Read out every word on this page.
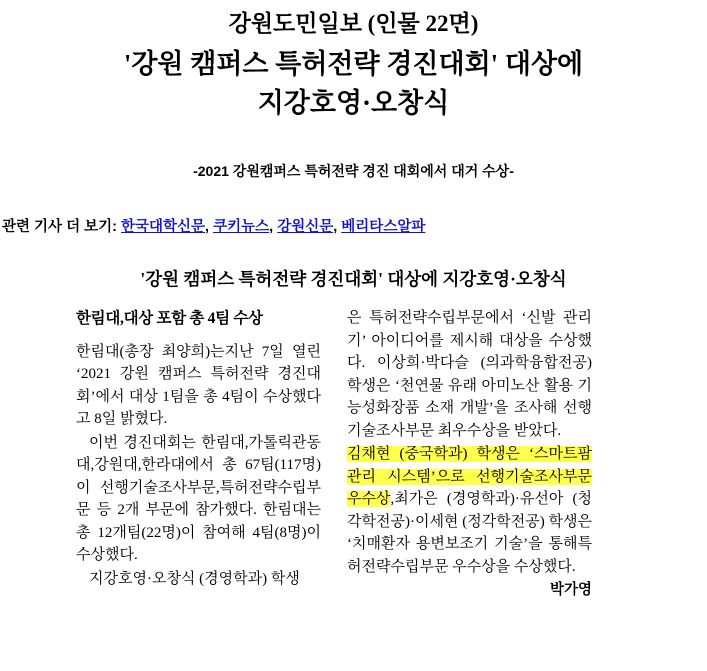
강원도민일보 (인물 22면)
'강원 캠퍼스 특허전략 경진대회' 대상에
지강호영·오창식
-2021 강원캠퍼스 특허전략 경진 대회에서 대거 수상-
관련 기사 더 보기: 한국대학신문, 쿠키뉴스, 강원신문, 베리타스알파
'강원 캠퍼스 특허전략 경진대회' 대상에 지강호영·오창식
한림대,대상 포함 총 4팀 수상

한림대(총장 최양희)는지난 7일 열린 ‘2021 강원 캠퍼스 특허전략 경진대회’에서 대상 1팀을 총 4팀이 수상했다고 8일 밝혔다.

이번 경진대회는 한림대,가톨릭관동대,강원대,한라대에서 총 67팀(117명)이 선행기술조사부문,특허전략수립부문 등 2개 부문에 참가했다. 한림대는 총 12개팀(22명)이 참여해 4팀(8명)이 수상했다.

지강호영·오창식 (경영학과) 학생

은 특허전략수립부문에서 ‘신발 관리기’ 아이디어를 제시해 대상을 수상했다. 이상희·박다슬 (의과학융합전공) 학생은 ‘천연물 유래 아미노산 활용 기능성화장품 소재 개발’을 조사해 선행기술조사부문 최우수상을 받았다.

김채현 (중국학과) 학생은 ‘스마트팜 관리 시스템’으로 선행기술조사부문 우수상,최가은 (경영학과)·유선아 (청각학전공)·이세현 (정각학전공) 학생은 ‘치매환자 용변보조기 기술’을 통해특허전략수립부문 우수상을 수상했다.

박가영
